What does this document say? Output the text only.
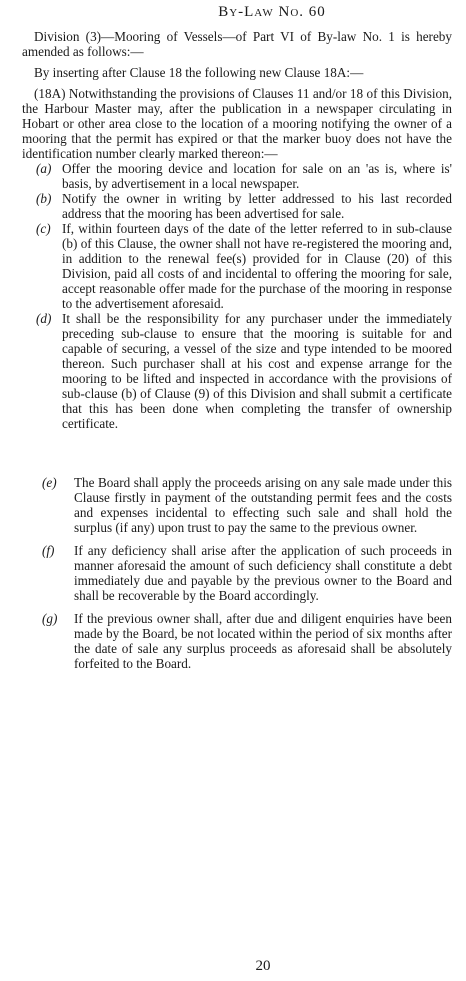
By-Law No. 60

Division (3)—Mooring of Vessels—of Part VI of By-law No. 1 is hereby amended as follows:—

By inserting after Clause 18 the following new Clause 18A:—

(18A) Notwithstanding the provisions of Clauses 11 and/or 18 of this Division, the Harbour Master may, after the publication in a newspaper circulating in Hobart or other area close to the location of a mooring notifying the owner of a mooring that the permit has expired or that the marker buoy does not have the identification number clearly marked thereon:—

(a) Offer the mooring device and location for sale on an 'as is, where is' basis, by advertisement in a local newspaper.
(b) Notify the owner in writing by letter addressed to his last recorded address that the mooring has been advertised for sale.
(c) If, within fourteen days of the date of the letter referred to in sub-clause (b) of this Clause, the owner shall not have re-registered the mooring and, in addition to the renewal fee(s) provided for in Clause (20) of this Division, paid all costs of and incidental to offering the mooring for sale, accept reasonable offer made for the purchase of the mooring in response to the advertisement aforesaid.
(d) It shall be the responsibility for any purchaser under the immediately preceding sub-clause to ensure that the mooring is suitable for and capable of securing, a vessel of the size and type intended to be moored thereon. Such purchaser shall at his cost and expense arrange for the mooring to be lifted and inspected in accordance with the provisions of sub-clause (b) of Clause (9) of this Division and shall submit a certificate that this has been done when completing the transfer of ownership certificate.
(e)	The Board shall apply the proceeds arising on any sale made under this Clause firstly in payment of the outstanding permit fees and the costs and expenses incidental to effecting such sale and shall hold the surplus (if any) upon trust to pay the same to the previous owner.
(f)	If any deficiency shall arise after the application of such proceeds in manner aforesaid the amount of such deficiency shall constitute a debt immediately due and payable by the previous owner to the Board and shall be recoverable by the Board accordingly.
(g)	If the previous owner shall, after due and diligent enquiries have been made by the Board, be not located within the period of six months after the date of sale any surplus proceeds as aforesaid shall be absolutely forfeited to the Board.
20
